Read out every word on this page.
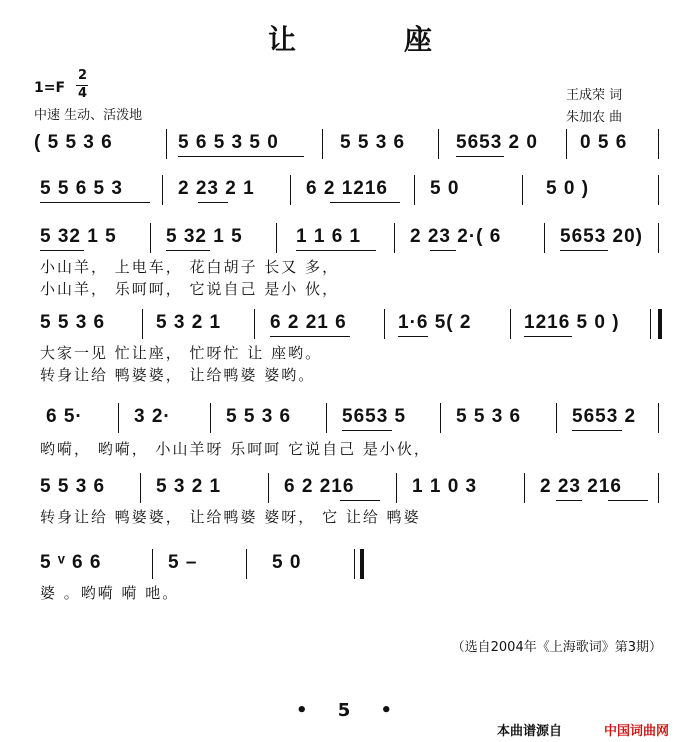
让　座
1=F
2
4
中速 生动、活泼地
王成荣 词
朱加农 曲
( 5 5 3 6	5 6 5 3 5 0	5 5 3 6	5653 2 0 0 5 6
5 5 6 5 3	2 23 2 1	6 2 1216 5 0	5 0 )
5 32 1 5	5 32 1 5	1 1 6 1	2 23 2·( 6	5653 20)
小山羊， 上电车， 花白胡子 长又 多，
小山羊， 乐呵呵， 它说自己 是小 伙，
5 5 3 6	5 3 2 1	6 2 21 6	1·6 5( 2	1216 5 0 )
大家一见 忙让座， 忙呀忙 让 座哟。
转身让给 鸭婆婆， 让给鸭婆 婆哟。
6 5·	3 2·	5 5 3 6	5653 5	5 5 3 6	5653 2
哟嗬， 哟嗬， 小山羊呀 乐呵呵 它说自己 是小伙，
5 5 3 6	5 3 2 1	6 2 216	1 1 0 3	2 23 216
转身让给 鸭婆婆， 让给鸭婆 婆呀， 它 让给 鸭婆
5 ᵛ 6 6	5 –	5 0
婆 。哟嗬 嗬 吔。
（选自2004年《上海歌词》第3期）
• 5 •
本曲谱源自	中国词曲网
